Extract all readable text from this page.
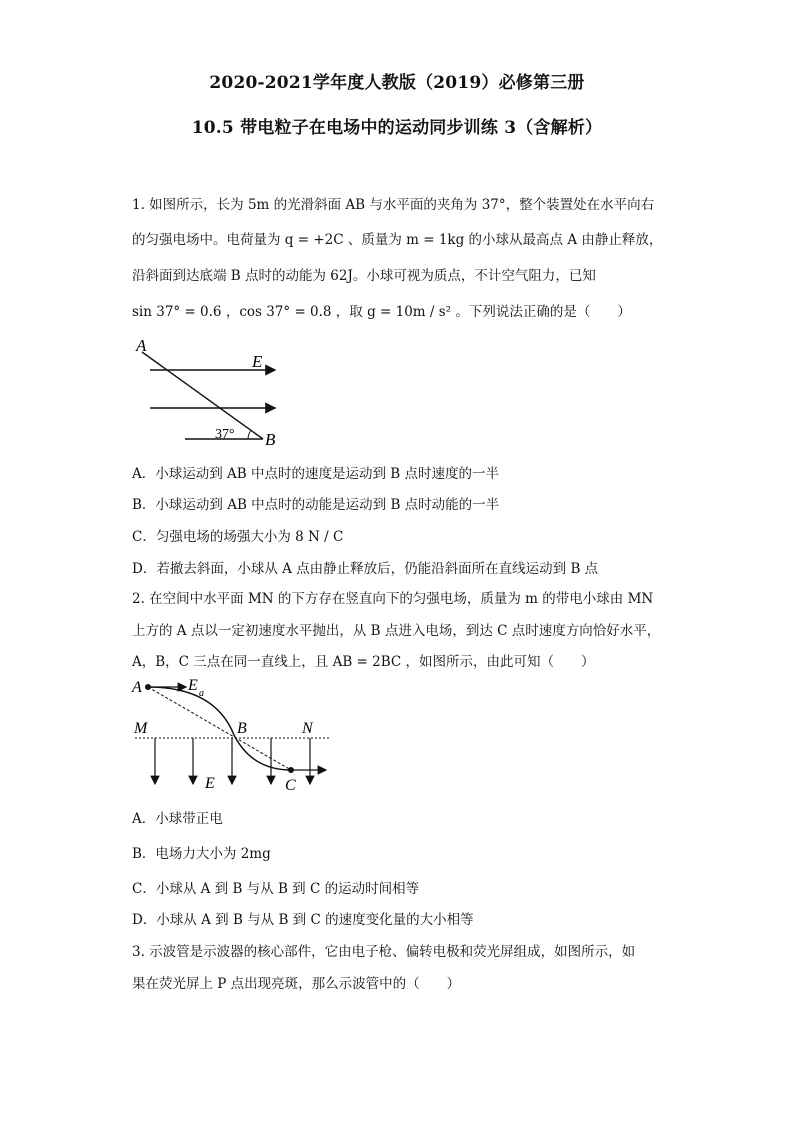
2020-2021学年度人教版（2019）必修第三册
10.5 带电粒子在电场中的运动同步训练 3（含解析）
1. 如图所示，长为 5m 的光滑斜面 AB 与水平面的夹角为 37°，整个装置处在水平向右
的匀强电场中。电荷量为 q = +2C 、质量为 m = 1kg 的小球从最高点 A 由静止释放，
沿斜面到达底端 B 点时的动能为 62J。小球可视为质点，不计空气阻力，已知
sin 37° = 0.6 ，cos 37° = 0.8 ，取 g = 10m / s² 。下列说法正确的是（　　）
A
E
37° B
A．小球运动到 AB 中点时的速度是运动到 B 点时速度的一半
B．小球运动到 AB 中点时的动能是运动到 B 点时动能的一半
C．匀强电场的场强大小为 8 N / C
D．若撤去斜面，小球从 A 点由静止释放后，仍能沿斜面所在直线运动到 B 点
2. 在空间中水平面 MN 的下方存在竖直向下的匀强电场，质量为 m 的带电小球由 MN
上方的 A 点以一定初速度水平抛出，从 B 点进入电场，到达 C 点时速度方向恰好水平，
A，B，C 三点在同一直线上，且 AB = 2BC ，如图所示，由此可知（　　）
A	E a
M	B	N
E	C
A．小球带正电
B．电场力大小为 2mg
C．小球从 A 到 B 与从 B 到 C 的运动时间相等
D．小球从 A 到 B 与从 B 到 C 的速度变化量的大小相等
3. 示波管是示波器的核心部件，它由电子枪、偏转电极和荧光屏组成，如图所示，如
果在荧光屏上 P 点出现亮斑，那么示波管中的（　　）
